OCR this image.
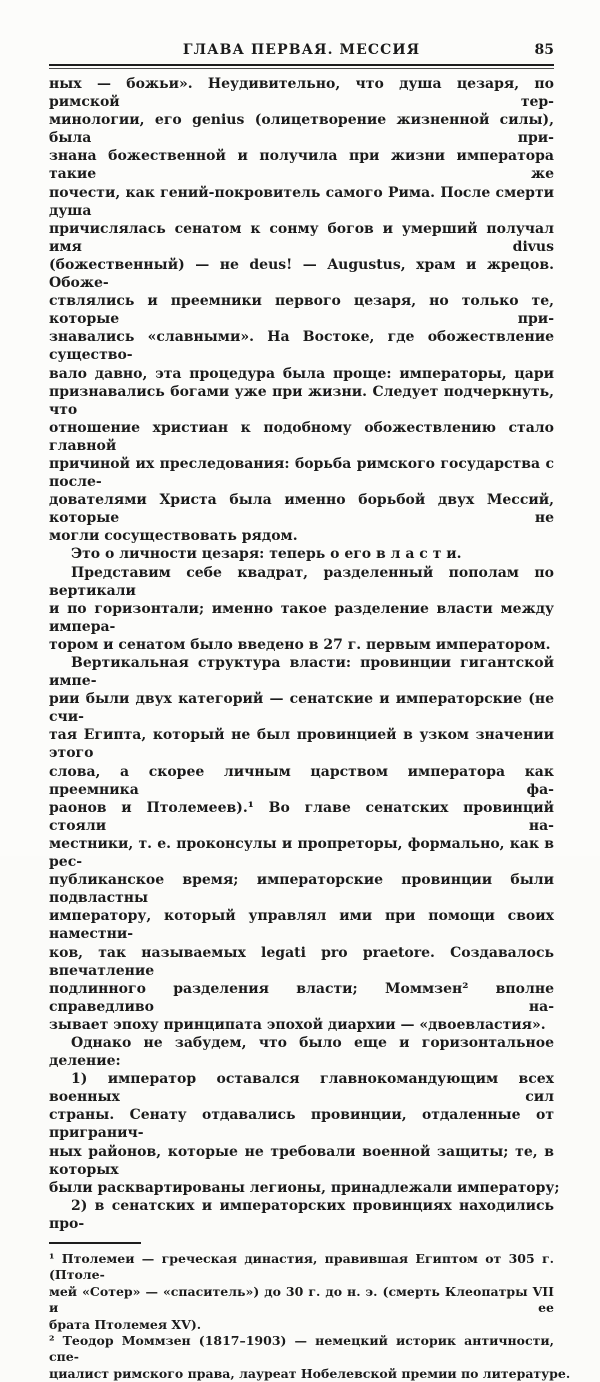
ГЛАВА ПЕРВАЯ. МЕССИЯ	85
ных — божьи». Неудивительно, что душа цезаря, по римской тер-
минологии, его genius (олицетворение жизненной силы), была при-
знана божественной и получила при жизни императора такие же
почести, как гений-покровитель самого Рима. После смерти душа
причислялась сенатом к сонму богов и умерший получал имя divus
(божественный) — не deus! — Augustus, храм и жрецов. Обоже-
ствлялись и преемники первого цезаря, но только те, которые при-
знавались «славными». На Востоке, где обожествление существо-
вало давно, эта процедура была проще: императоры, цари
признавались богами уже при жизни. Следует подчеркнуть, что
отношение христиан к подобному обожествлению стало главной
причиной их преследования: борьба римского государства с после-
дователями Христа была именно борьбой двух Мессий, которые не
могли сосуществовать рядом.
Это о личности цезаря: теперь о его в л а с т и.
Представим себе квадрат, разделенный пополам по вертикали
и по горизонтали; именно такое разделение власти между импера-
тором и сенатом было введено в 27 г. первым императором.
Вертикальная структура власти: провинции гигантской импе-
рии были двух категорий — сенатские и императорские (не счи-
тая Египта, который не был провинцией в узком значении этого
слова, а скорее личным царством императора как преемника фа-
раонов и Птолемеев).¹ Во главе сенатских провинций стояли на-
местники, т. е. проконсулы и пропреторы, формально, как в рес-
публиканское время; императорские провинции были подвластны
императору, который управлял ими при помощи своих наместни-
ков, так называемых legati pro praetore. Создавалось впечатление
подлинного разделения власти; Моммзен² вполне справедливо на-
зывает эпоху принципата эпохой диархии — «двоевластия».
Однако не забудем, что было еще и горизонтальное деление:
1) император оставался главнокомандующим всех военных сил
страны. Сенату отдавались провинции, отдаленные от пригранич-
ных районов, которые не требовали военной защиты; те, в которых
были расквартированы легионы, принадлежали императору;
2) в сенатских и императорских провинциях находились про-
¹ Птолемеи — греческая династия, правившая Египтом от 305 г. (Птоле-
мей «Сотер» — «спаситель») до 30 г. до н. э. (смерть Клеопатры VII и ее
брата Птолемея XV).
² Теодор Моммзен (1817–1903) — немецкий историк античности, спе-
циалист римского права, лауреат Нобелевской премии по литературе.
